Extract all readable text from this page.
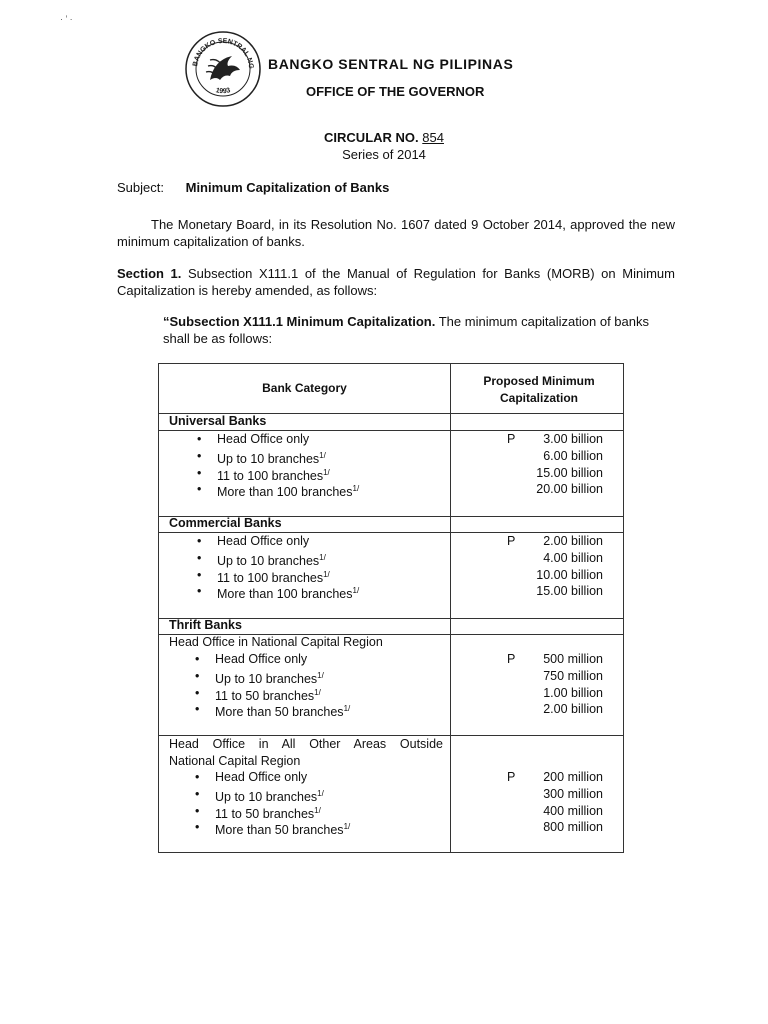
· ’ ·
BANGKO SENTRAL NG
1993
BANGKO SENTRAL NG PILIPINAS
OFFICE OF THE GOVERNOR
CIRCULAR NO. 854
Series of 2014
Subject: Minimum Capitalization of Banks
The Monetary Board, in its Resolution No. 1607 dated 9 October 2014, approved the new minimum capitalization of banks.
Section 1. Subsection X111.1 of the Manual of Regulation for Banks (MORB) on Minimum Capitalization is hereby amended, as follows:
“Subsection X111.1 Minimum Capitalization. The minimum capitalization of banks shall be as follows:
Bank Category	Proposed Minimum Capitalization
Universal Banks
• Head Office only
• Up to 10 branches$^{1/}$
• 11 to 100 branches$^{1/}$
• More than 100 branches$^{1/}$
P 3.00 billion
6.00 billion
15.00 billion
20.00 billion
Commercial Banks
• Head Office only
• Up to 10 branches$^{1/}$
• 11 to 100 branches$^{1/}$
• More than 100 branches$^{1/}$
P 2.00 billion
4.00 billion
10.00 billion
15.00 billion
Thrift Banks
Head Office in National Capital Region
• Head Office only
• Up to 10 branches$^{1/}$
• 11 to 50 branches$^{1/}$
• More than 50 branches$^{1/}$
P 500 million
750 million
1.00 billion
2.00 billion
Head Office in All Other Areas Outside
National Capital Region
• Head Office only
• Up to 10 branches$^{1/}$
• 11 to 50 branches$^{1/}$
• More than 50 branches$^{1/}$
P 200 million
300 million
400 million
800 million
